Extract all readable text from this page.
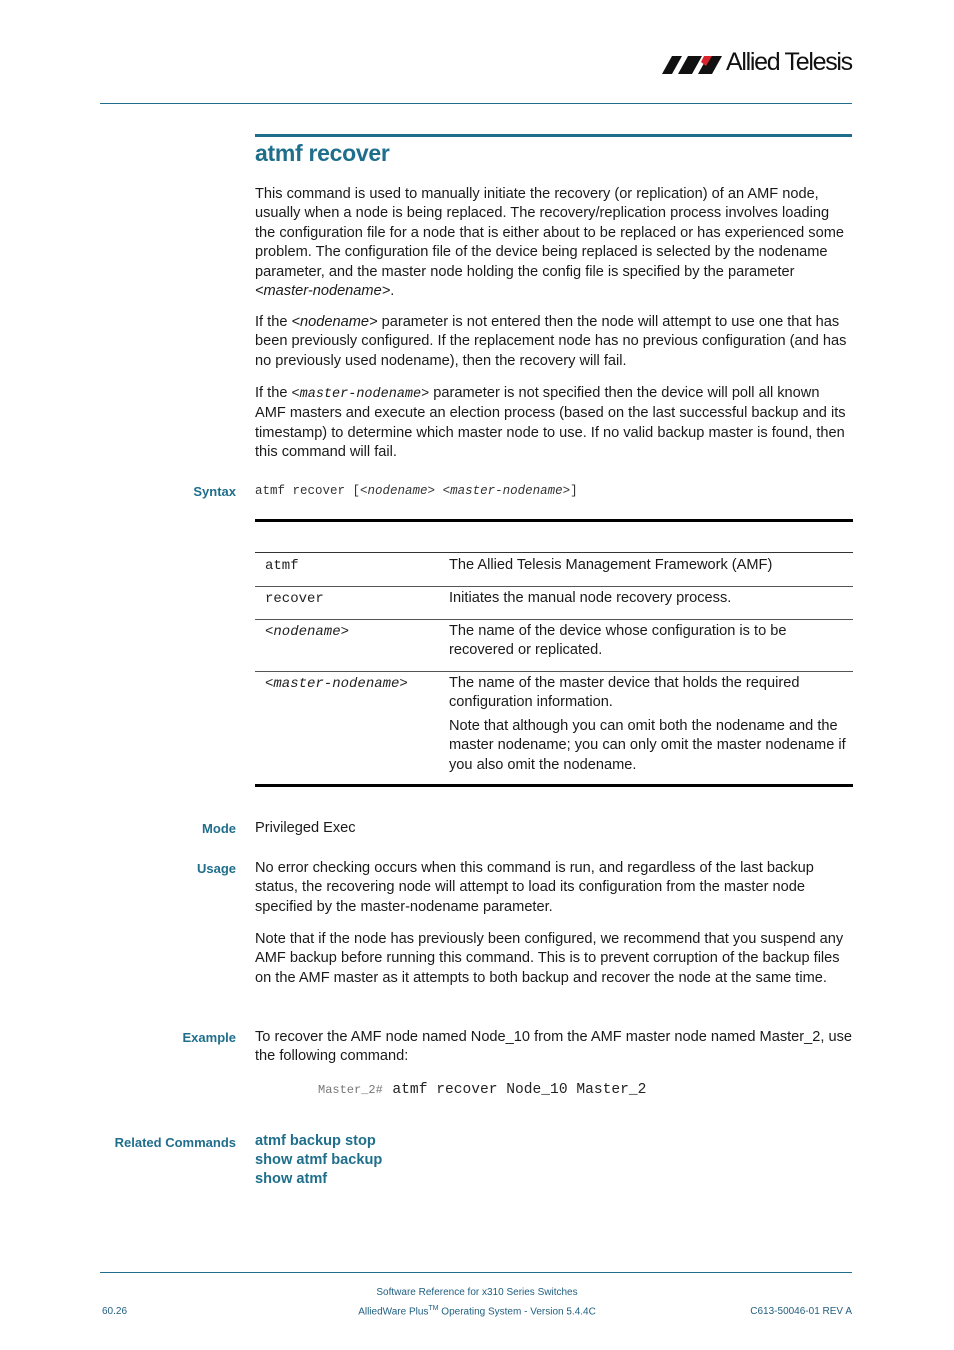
Allied Telesis
atmf recover

This command is used to manually initiate the recovery (or replication) of an AMF node, usually when a node is being replaced. The recovery/replication process involves loading the configuration file for a node that is either about to be replaced or has experienced some problem. The configuration file of the device being replaced is selected by the nodename parameter, and the master node holding the config file is specified by the parameter <master-nodename>.

If the <nodename> parameter is not entered then the node will attempt to use one that has been previously configured. If the replacement node has no previous configuration (and has no previously used nodename), then the recovery will fail.

If the <master-nodename> parameter is not specified then the device will poll all known AMF masters and execute an election process (based on the last successful backup and its timestamp) to determine which master node to use. If no valid backup master is found, then this command will fail.

Syntax atmf recover [<nodename> <master-nodename>]
atmf	The Allied Telesis Management Framework (AMF)
recover	Initiates the manual node recovery process.
<nodename>	The name of the device whose configuration is to be recovered or replicated.
<master-nodename>	The name of the master device that holds the required configuration information.
Note that although you can omit both the nodename and the master nodename; you can only omit the master nodename if you also omit the nodename.
Mode Privileged Exec
Usage No error checking occurs when this command is run, and regardless of the last backup status, the recovering node will attempt to load its configuration from the master node specified by the master-nodename parameter.
Note that if the node has previously been configured, we recommend that you suspend any AMF backup before running this command. This is to prevent corruption of the backup files on the AMF master as it attempts to both backup and recover the node at the same time.
Example To recover the AMF node named Node_10 from the AMF master node named Master_2, use the following command:
Master_2# atmf recover Node_10 Master_2
Related Commands atmf backup stop
show atmf backup
show atmf
Software Reference for x310 Series Switches
AlliedWare Plus™ Operating System - Version 5.4.4C
60.26	C613-50046-01 REV A
